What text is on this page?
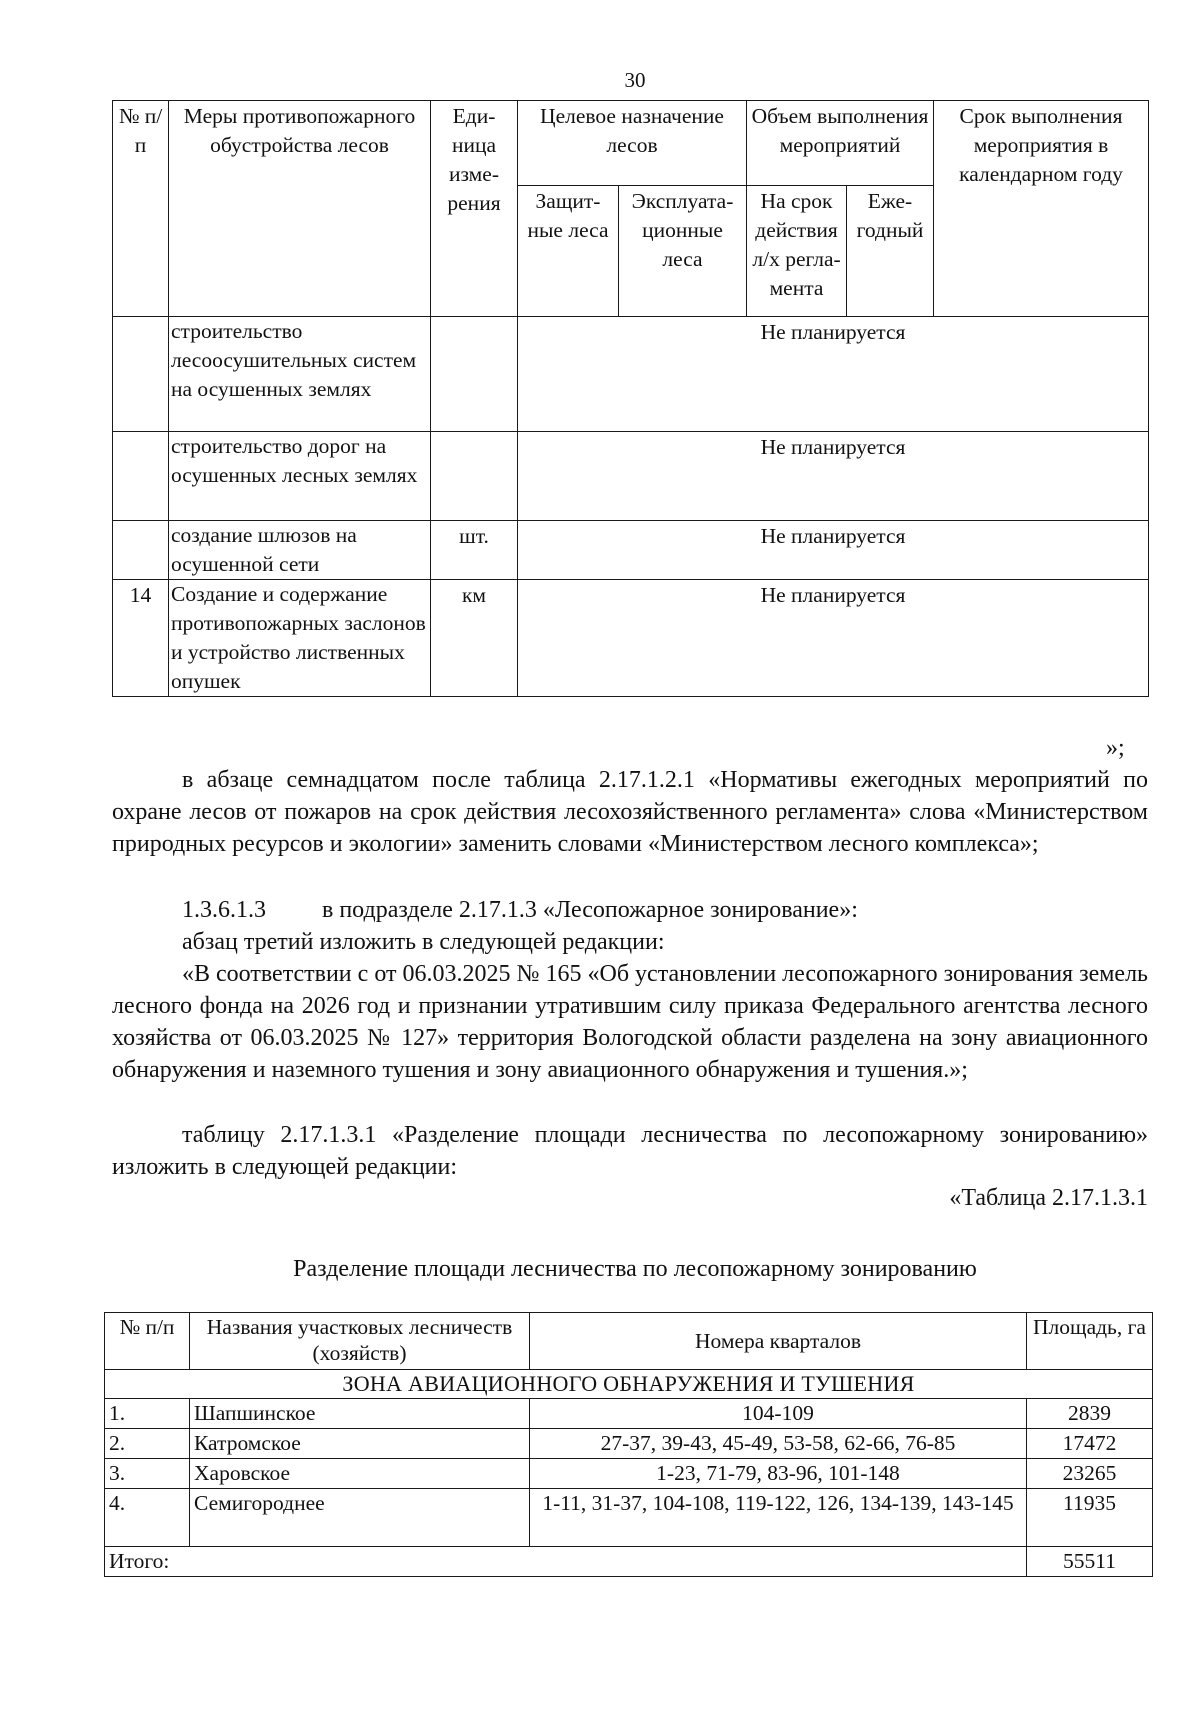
30
№ п/п	Меры противопожарного обустройства лесов	Еди-ница изме-рения	Целевое назначение лесов		Объем выполнения мероприятий		Срок выполнения мероприятия в календарном году
			Защит-ные леса	Эксплуата-ционные леса	На срок действия л/х регла-мента	Еже-годный	
	строительство лесоосушительных систем на осушенных землях		Не планируется				
	строительство дорог на осушенных лесных землях		Не планируется				
	создание шлюзов на осушенной сети	шт.	Не планируется				
14	Создание и содержание противопожарных заслонов и устройство лиственных опушек	км	Не планируется				
»;
в абзаце семнадцатом после таблица 2.17.1.2.1 «Нормативы ежегодных мероприятий по охране лесов от пожаров на срок действия лесохозяйственного регламента» слова «Министерством природных ресурсов и экологии» заменить словами «Министерством лесного комплекса»;
1.3.6.1.3 в подразделе 2.17.1.3 «Лесопожарное зонирование»:
абзац третий изложить в следующей редакции:
«В соответствии с от 06.03.2025 № 165 «Об установлении лесопожарного зонирования земель лесного фонда на 2026 год и признании утратившим силу приказа Федерального агентства лесного хозяйства от 06.03.2025 № 127» территория Вологодской области разделена на зону авиационного обнаружения и наземного тушения и зону авиационного обнаружения и тушения.»;
таблицу 2.17.1.3.1 «Разделение площади лесничества по лесопожарному зонированию» изложить в следующей редакции:
«Таблица 2.17.1.3.1
Разделение площади лесничества по лесопожарному зонированию
№ п/п	Названия участковых лесничеств (хозяйств)	Номера кварталов	Площадь, га
ЗОНА АВИАЦИОННОГО ОБНАРУЖЕНИЯ И ТУШЕНИЯ			
1.	Шапшинское	104-109	2839
2.	Катромское	27-37, 39-43, 45-49, 53-58, 62-66, 76-85	17472
3.	Харовское	1-23, 71-79, 83-96, 101-148	23265
4.	Семигороднее	1-11, 31-37, 104-108, 119-122, 126, 134-139, 143-145	11935
Итого:			55511
